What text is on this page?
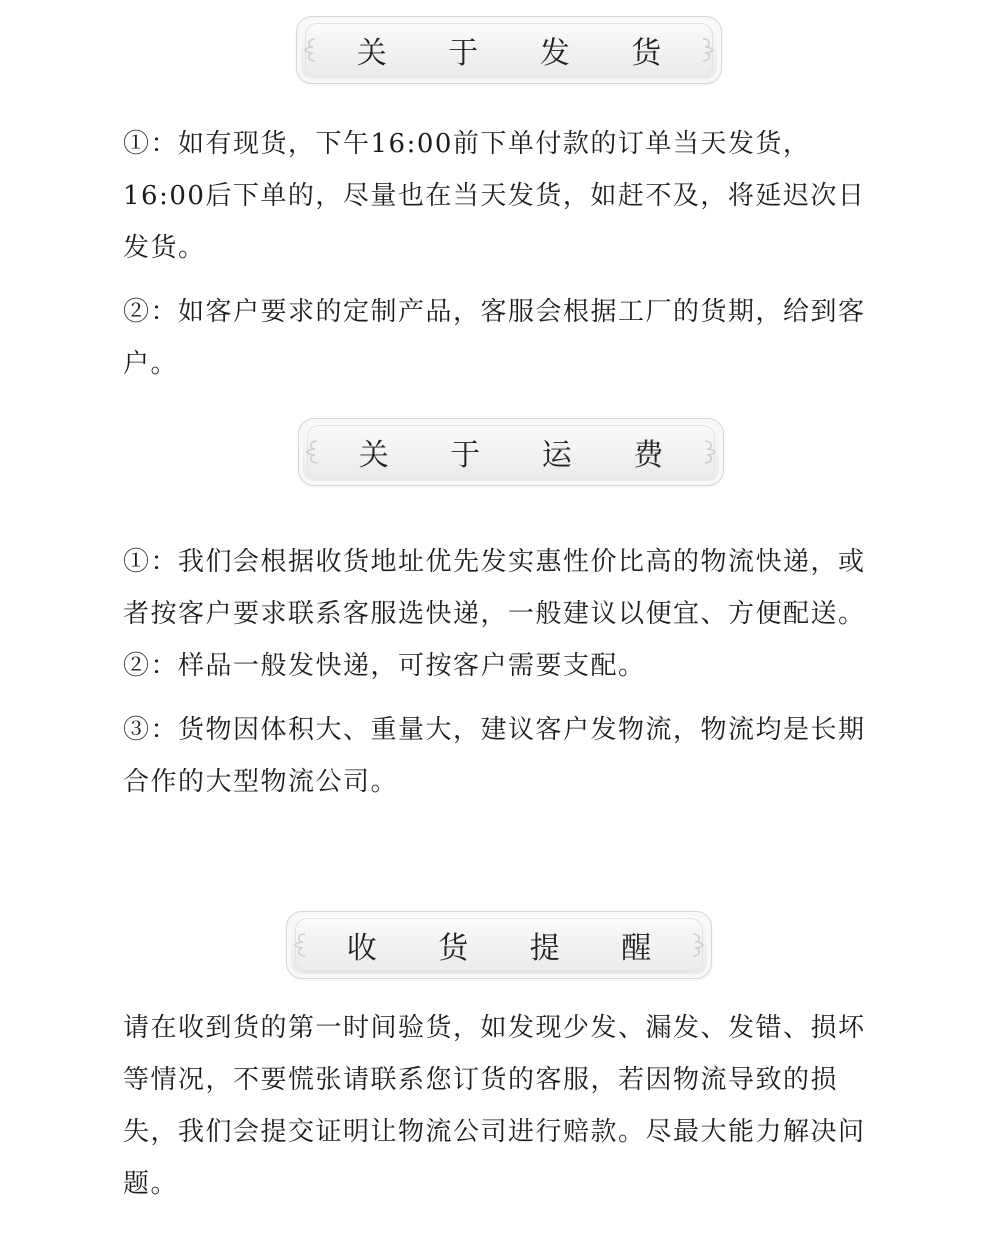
关 于 发 货

①：如有现货，下午16:00前下单付款的订单当天发货，16:00后下单的，尽量也在当天发货，如赶不及，将延迟次日发货。

②：如客户要求的定制产品，客服会根据工厂的货期，给到客户。

关 于 运 费

①：我们会根据收货地址优先发实惠性价比高的物流快递，或者按客户要求联系客服选快递，一般建议以便宜、方便配送。

②：样品一般发快递，可按客户需要支配。

③：货物因体积大、重量大，建议客户发物流，物流均是长期合作的大型物流公司。

收 货 提 醒

请在收到货的第一时间验货，如发现少发、漏发、发错、损坏等情况，不要慌张请联系您订货的客服，若因物流导致的损失，我们会提交证明让物流公司进行赔款。尽最大能力解决问题。
